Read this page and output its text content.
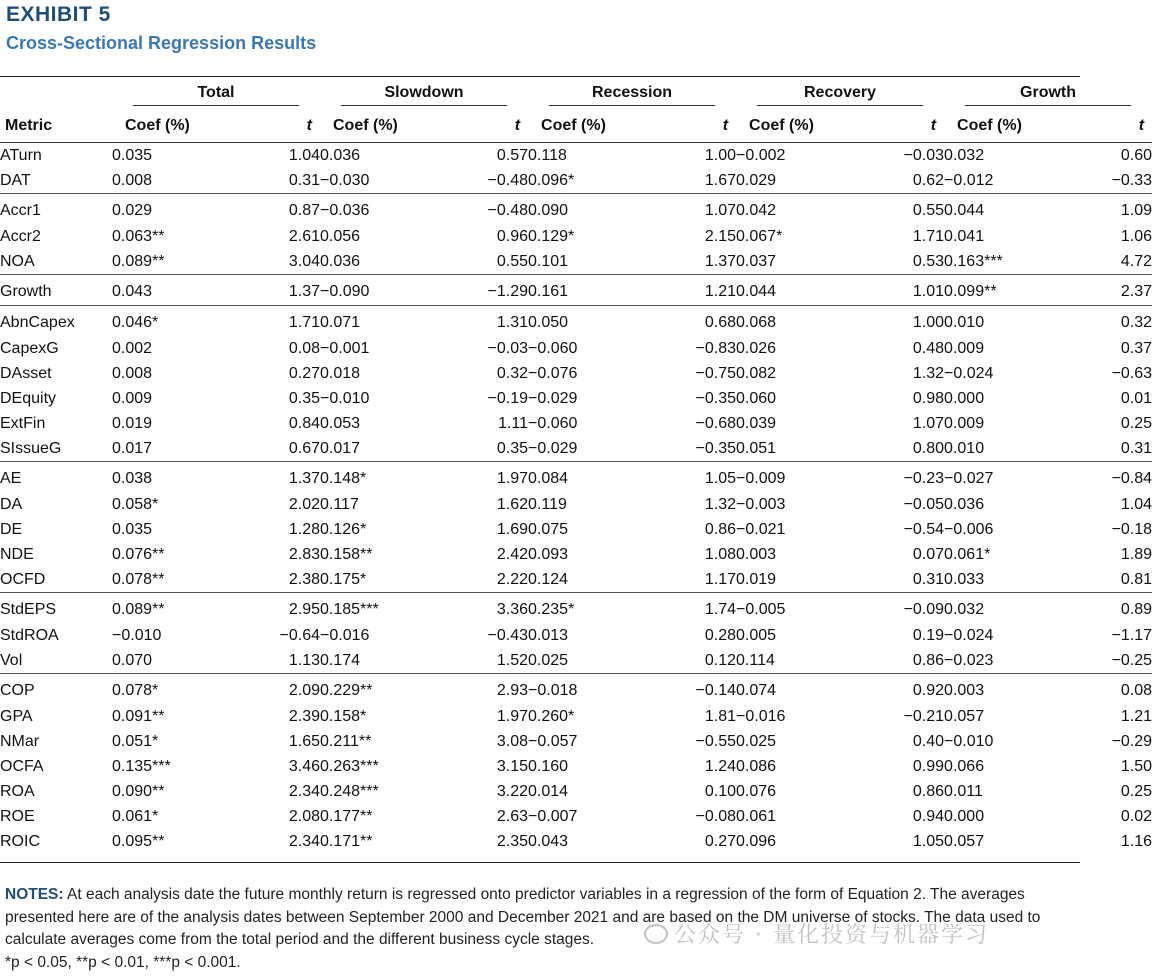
EXHIBIT 5
Cross-Sectional Regression Results
	Total		Slowdown		Recession		Recovery		Growth	
Metric	Coef (%)	t	Coef (%)	t	Coef (%)	t	Coef (%)	t	Coef (%)	t
ATurn	0.035	1.04	0.036	0.57	0.118	1.00	−0.002	−0.03	0.032	0.60
DAT	0.008	0.31	−0.030	−0.48	0.096*	1.67	0.029	0.62	−0.012	−0.33
Accr1	0.029	0.87	−0.036	−0.48	0.090	1.07	0.042	0.55	0.044	1.09
Accr2	0.063**	2.61	0.056	0.96	0.129*	2.15	0.067*	1.71	0.041	1.06
NOA	0.089**	3.04	0.036	0.55	0.101	1.37	0.037	0.53	0.163***	4.72
Growth	0.043	1.37	−0.090	−1.29	0.161	1.21	0.044	1.01	0.099**	2.37
AbnCapex	0.046*	1.71	0.071	1.31	0.050	0.68	0.068	1.00	0.010	0.32
CapexG	0.002	0.08	−0.001	−0.03	−0.060	−0.83	0.026	0.48	0.009	0.37
DAsset	0.008	0.27	0.018	0.32	−0.076	−0.75	0.082	1.32	−0.024	−0.63
DEquity	0.009	0.35	−0.010	−0.19	−0.029	−0.35	0.060	0.98	0.000	0.01
ExtFin	0.019	0.84	0.053	1.11	−0.060	−0.68	0.039	1.07	0.009	0.25
SIssueG	0.017	0.67	0.017	0.35	−0.029	−0.35	0.051	0.80	0.010	0.31
AE	0.038	1.37	0.148*	1.97	0.084	1.05	−0.009	−0.23	−0.027	−0.84
DA	0.058*	2.02	0.117	1.62	0.119	1.32	−0.003	−0.05	0.036	1.04
DE	0.035	1.28	0.126*	1.69	0.075	0.86	−0.021	−0.54	−0.006	−0.18
NDE	0.076**	2.83	0.158**	2.42	0.093	1.08	0.003	0.07	0.061*	1.89
OCFD	0.078**	2.38	0.175*	2.22	0.124	1.17	0.019	0.31	0.033	0.81
StdEPS	0.089**	2.95	0.185***	3.36	0.235*	1.74	−0.005	−0.09	0.032	0.89
StdROA	−0.010	−0.64	−0.016	−0.43	0.013	0.28	0.005	0.19	−0.024	−1.17
Vol	0.070	1.13	0.174	1.52	0.025	0.12	0.114	0.86	−0.023	−0.25
COP	0.078*	2.09	0.229**	2.93	−0.018	−0.14	0.074	0.92	0.003	0.08
GPA	0.091**	2.39	0.158*	1.97	0.260*	1.81	−0.016	−0.21	0.057	1.21
NMar	0.051*	1.65	0.211**	3.08	−0.057	−0.55	0.025	0.40	−0.010	−0.29
OCFA	0.135***	3.46	0.263***	3.15	0.160	1.24	0.086	0.99	0.066	1.50
ROA	0.090**	2.34	0.248***	3.22	0.014	0.10	0.076	0.86	0.011	0.25
ROE	0.061*	2.08	0.177**	2.63	−0.007	−0.08	0.061	0.94	0.000	0.02
ROIC	0.095**	2.34	0.171**	2.35	0.043	0.27	0.096	1.05	0.057	1.16
NOTES: At each analysis date the future monthly return is regressed onto predictor variables in a regression of the form of Equation 2. The averages presented here are of the analysis dates between September 2000 and December 2021 and are based on the DM universe of stocks. The data used to calculate averages come from the total period and the different business cycle stages.
*p < 0.05, **p < 0.01, ***p < 0.001.
公众号 · 量化投资与机器学习
